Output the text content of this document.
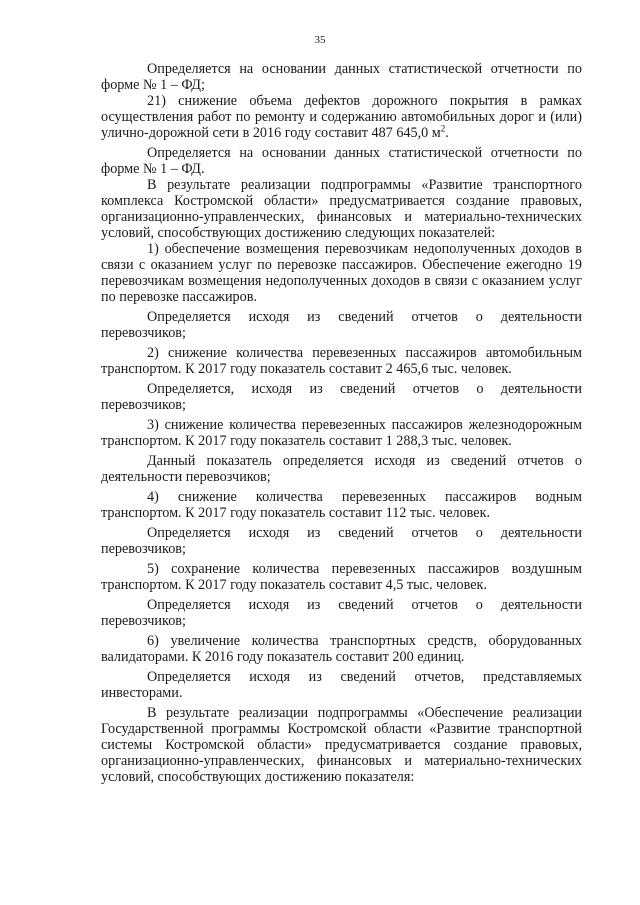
35

Определяется на основании данных статистической отчетности по форме № 1 – ФД;

21) снижение объема дефектов дорожного покрытия в рамках осуществления работ по ремонту и содержанию автомобильных дорог и (или) улично-дорожной сети в 2016 году составит 487 645,0 $м^2$.

Определяется на основании данных статистической отчетности по форме № 1 – ФД.

В результате реализации подпрограммы «Развитие транспортного комплекса Костромской области» предусматривается создание правовых, организационно-управленческих, финансовых и материально-технических условий, способствующих достижению следующих показателей:

1) обеспечение возмещения перевозчикам недополученных доходов в связи с оказанием услуг по перевозке пассажиров. Обеспечение ежегодно 19 перевозчикам возмещения недополученных доходов в связи с оказанием услуг по перевозке пассажиров.

Определяется исходя из сведений отчетов о деятельности перевозчиков;

2) снижение количества перевезенных пассажиров автомобильным транспортом. К 2017 году показатель составит 2 465,6 тыс. человек.

Определяется, исходя из сведений отчетов о деятельности перевозчиков;

3) снижение количества перевезенных пассажиров железнодорожным транспортом. К 2017 году показатель составит 1 288,3 тыс. человек.

Данный показатель определяется исходя из сведений отчетов о деятельности перевозчиков;

4) снижение количества перевезенных пассажиров водным транспортом. К 2017 году показатель составит 112 тыс. человек.

Определяется исходя из сведений отчетов о деятельности перевозчиков;

5) сохранение количества перевезенных пассажиров воздушным транспортом. К 2017 году показатель составит 4,5 тыс. человек.

Определяется исходя из сведений отчетов о деятельности перевозчиков;

6) увеличение количества транспортных средств, оборудованных валидаторами. К 2016 году показатель составит 200 единиц.

Определяется исходя из сведений отчетов, представляемых инвесторами.

В результате реализации подпрограммы «Обеспечение реализации Государственной программы Костромской области «Развитие транспортной системы Костромской области» предусматривается создание правовых, организационно-управленческих, финансовых и материально-технических условий, способствующих достижению показателя:
